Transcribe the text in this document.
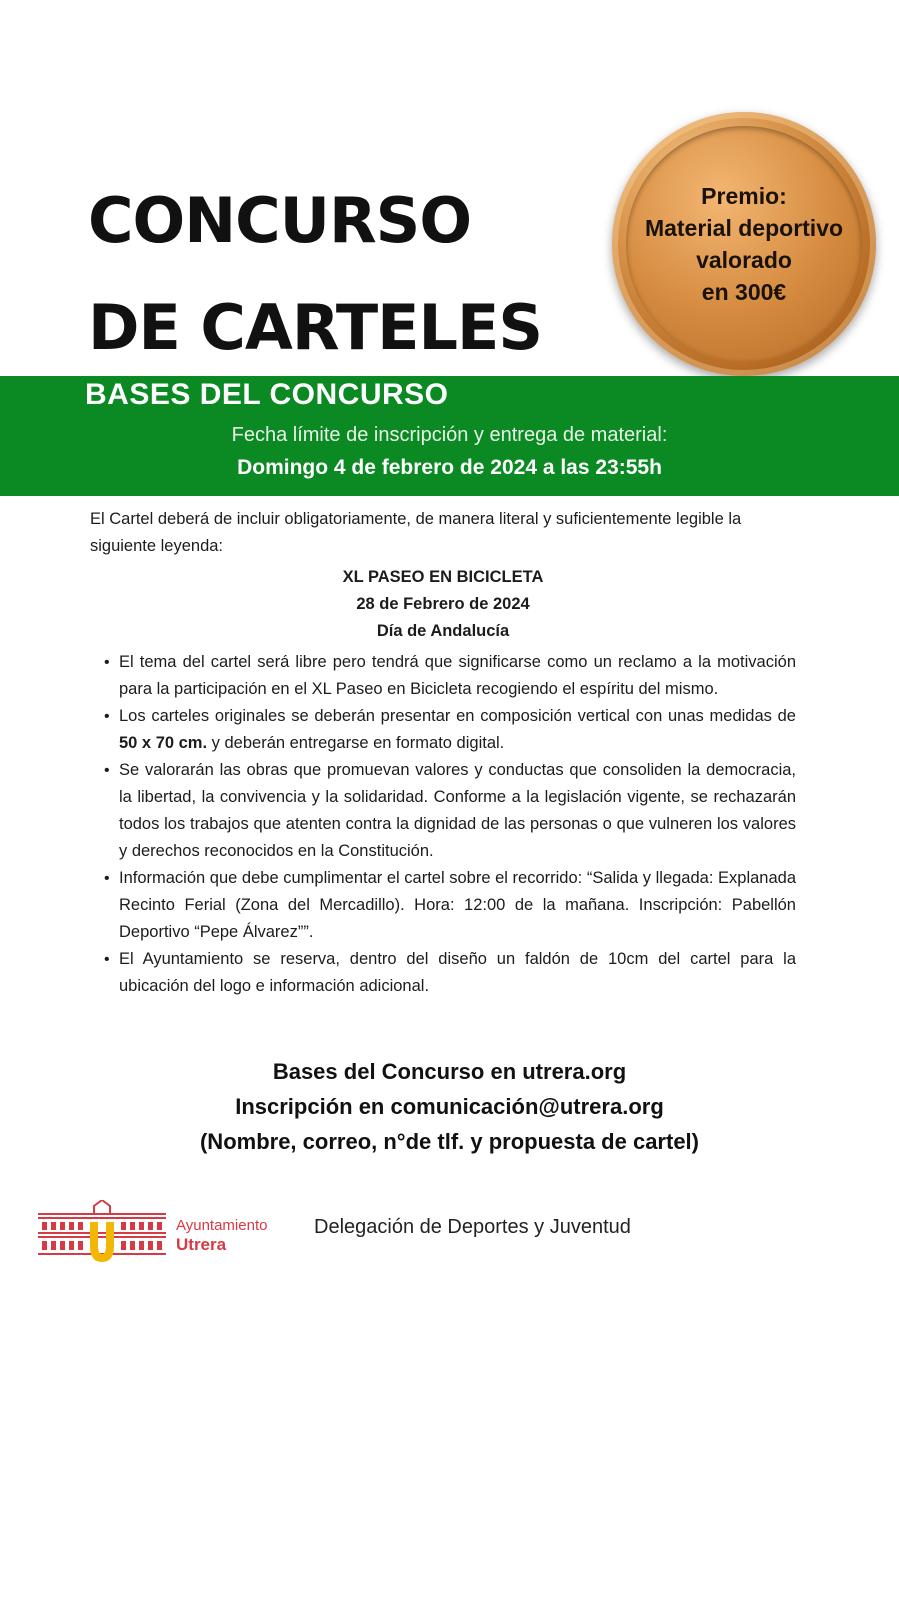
CONCURSO
DE CARTELES
Premio:
Material deportivo
valorado
en 300€
BASES DEL CONCURSO
Fecha límite de inscripción y entrega de material:
Domingo 4 de febrero de 2024 a las 23:55h

El Cartel deberá de incluir obligatoriamente, de manera literal y suficientemente legible la siguiente leyenda:

XL PASEO EN BICICLETA
28 de Febrero de 2024
Día de Andalucía
• El tema del cartel será libre pero tendrá que significarse como un reclamo a la motivación para la participación en el XL Paseo en Bicicleta recogiendo el espíritu del mismo.
• Los carteles originales se deberán presentar en composición vertical con unas medidas de 50 x 70 cm. y deberán entregarse en formato digital.
• Se valorarán las obras que promuevan valores y conductas que consoliden la democracia, la libertad, la convivencia y la solidaridad. Conforme a la legislación vigente, se rechazarán todos los trabajos que atenten contra la dignidad de las personas o que vulneren los valores y derechos reconocidos en la Constitución.
• Información que debe cumplimentar el cartel sobre el recorrido: “Salida y llegada: Explanada Recinto Ferial (Zona del Mercadillo). Hora: 12:00 de la mañana. Inscripción: Pabellón Deportivo “Pepe Álvarez””.
• El Ayuntamiento se reserva, dentro del diseño un faldón de 10cm del cartel para la ubicación del logo e información adicional.
Bases del Concurso en utrera.org
Inscripción en comunicación@utrera.org
(Nombre, correo, n°de tlf. y propuesta de cartel)
Ayuntamiento
Utrera
Delegación de Deportes y Juventud
